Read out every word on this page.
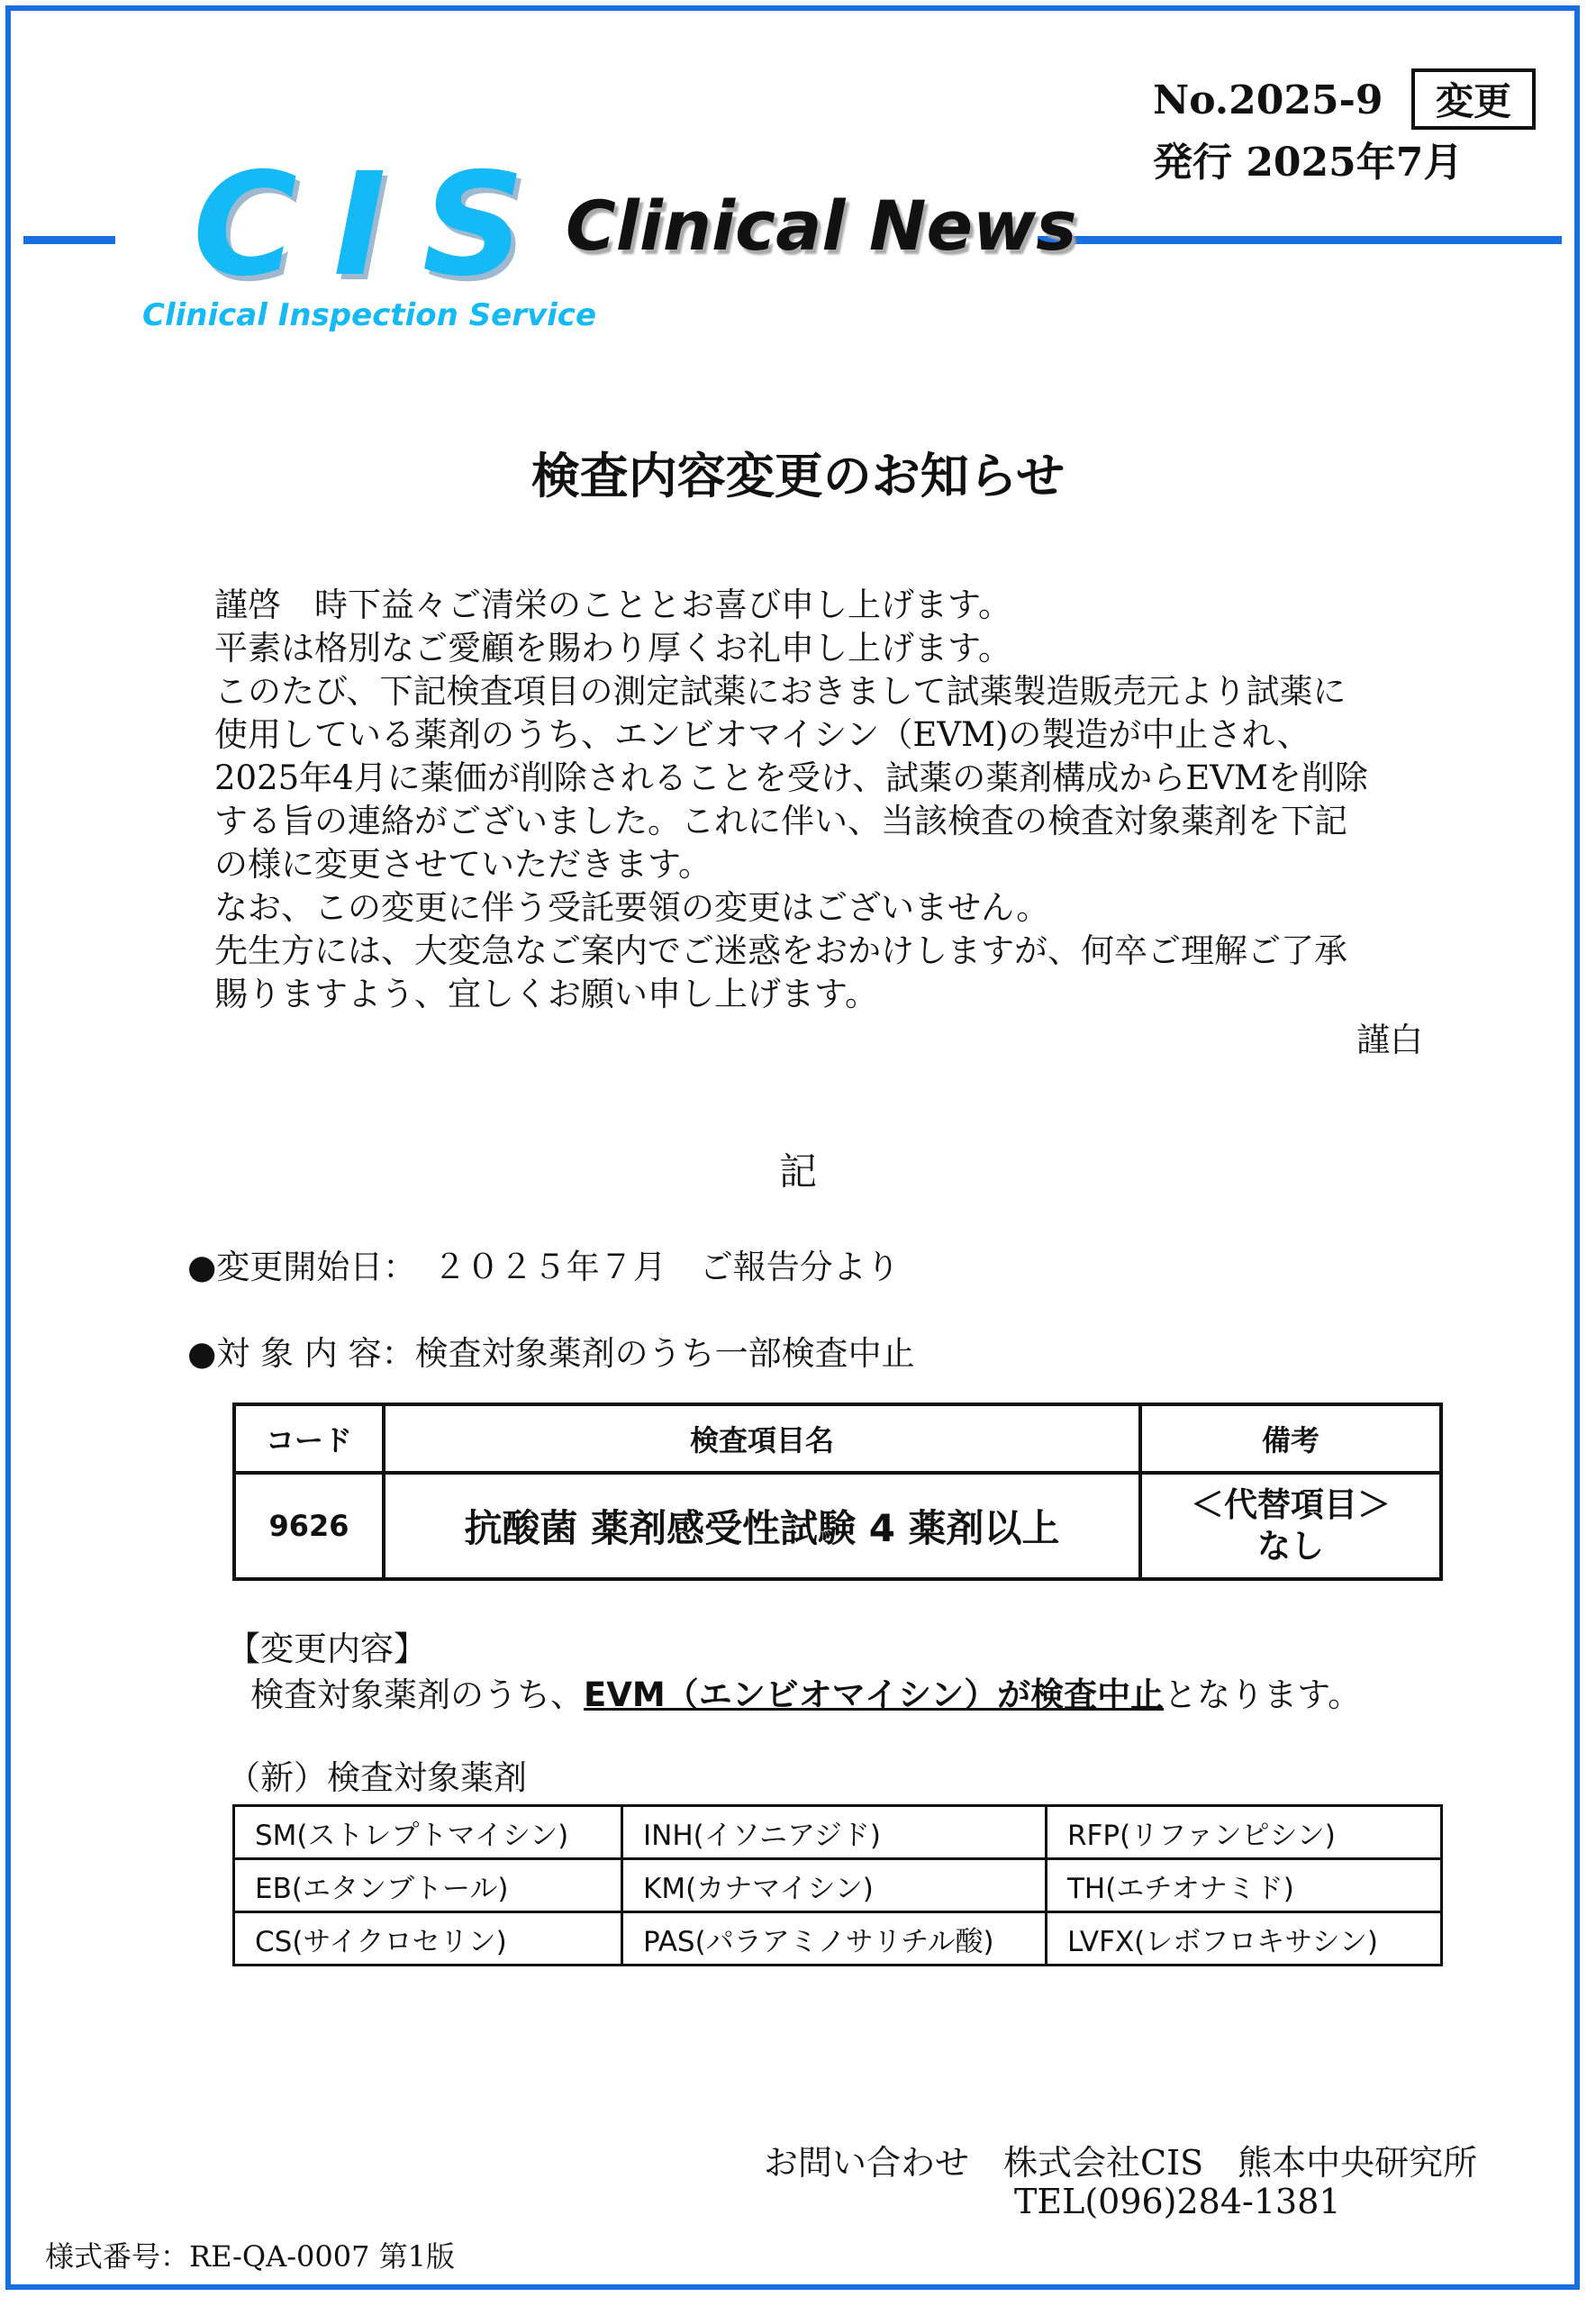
No.2025-9
発行 2025年7月
変更
CIS
Clinical Inspection Service
Clinical News
検査内容変更のお知らせ

謹啓　時下益々ご清栄のこととお喜び申し上げます。

平素は格別なご愛顧を賜わり厚くお礼申し上げます。

このたび、下記検査項目の測定試薬におきまして試薬製造販売元より試薬に

使用している薬剤のうち、エンビオマイシン（EVM)の製造が中止され、

2025年4月に薬価が削除されることを受け、試薬の薬剤構成からEVMを削除

する旨の連絡がございました。これに伴い、当該検査の検査対象薬剤を下記

の様に変更させていただきます。

なお、この変更に伴う受託要領の変更はございません。

先生方には、大変急なご案内でご迷惑をおかけしますが、何卒ご理解ご了承

賜りますよう、宜しくお願い申し上げます。

謹白
記
●変更開始日：　２０２５年７月　ご報告分より
●対 象 内 容：検査対象薬剤のうち一部検査中止
コード	検査項目名	備考
9626	抗酸菌 薬剤感受性試験 4 薬剤以上	＜代替項目＞
なし
【変更内容】
検査対象薬剤のうち、EVM（エンビオマイシン）が検査中止となります。
（新）検査対象薬剤
SM(ストレプトマイシン)	INH(イソニアジド)	RFP(リファンピシン)
EB(エタンブトール)	KM(カナマイシン)	TH(エチオナミド)
CS(サイクロセリン)	PAS(パラアミノサリチル酸)	LVFX(レボフロキサシン)
お問い合わせ　株式会社CIS　熊本中央研究所
TEL(096)284-1381
様式番号：RE-QA-0007 第1版
